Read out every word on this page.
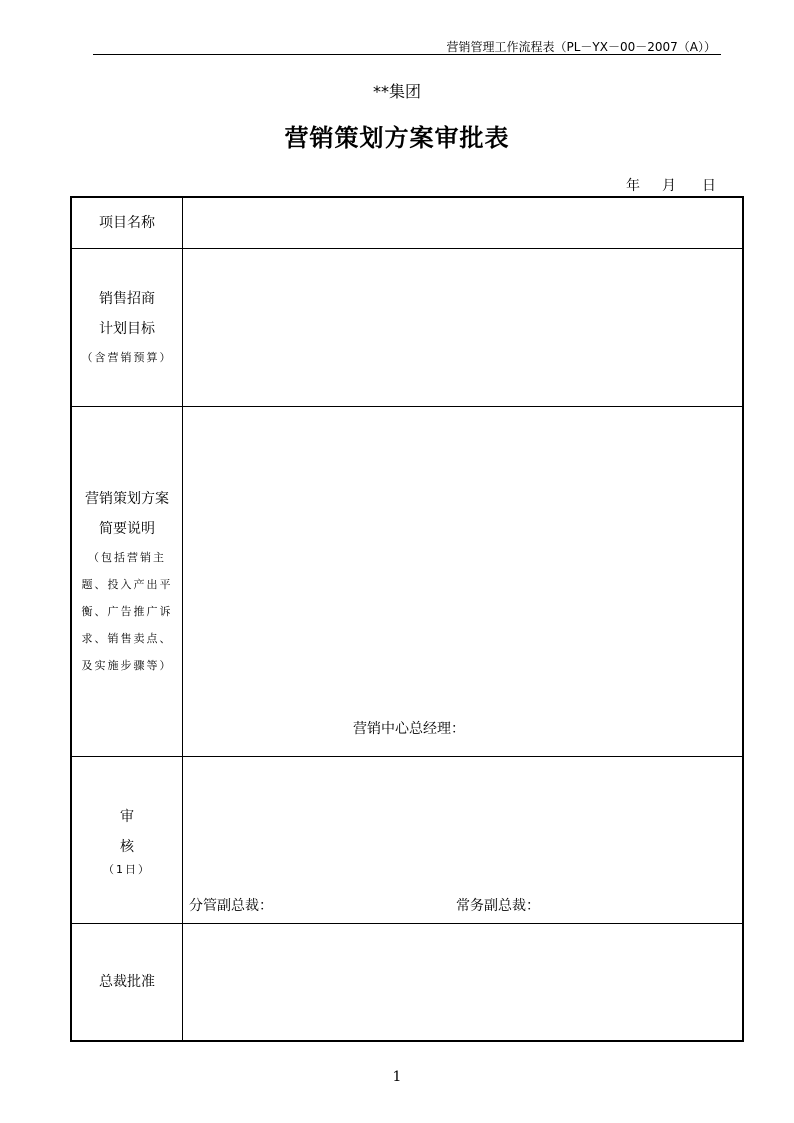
营销管理工作流程表（PL－YX－00－2007（A））
**集团
营销策划方案审批表
年 月 日
项目名称
销售招商
计划目标
（含营销预算）
营销策划方案
简要说明
（包括营销主
题、投入产出平
衡、广告推广诉
求、销售卖点、
及实施步骤等）
营销中心总经理：
审核
（1日）
分管副总裁：	常务副总裁：
总裁批准
1
